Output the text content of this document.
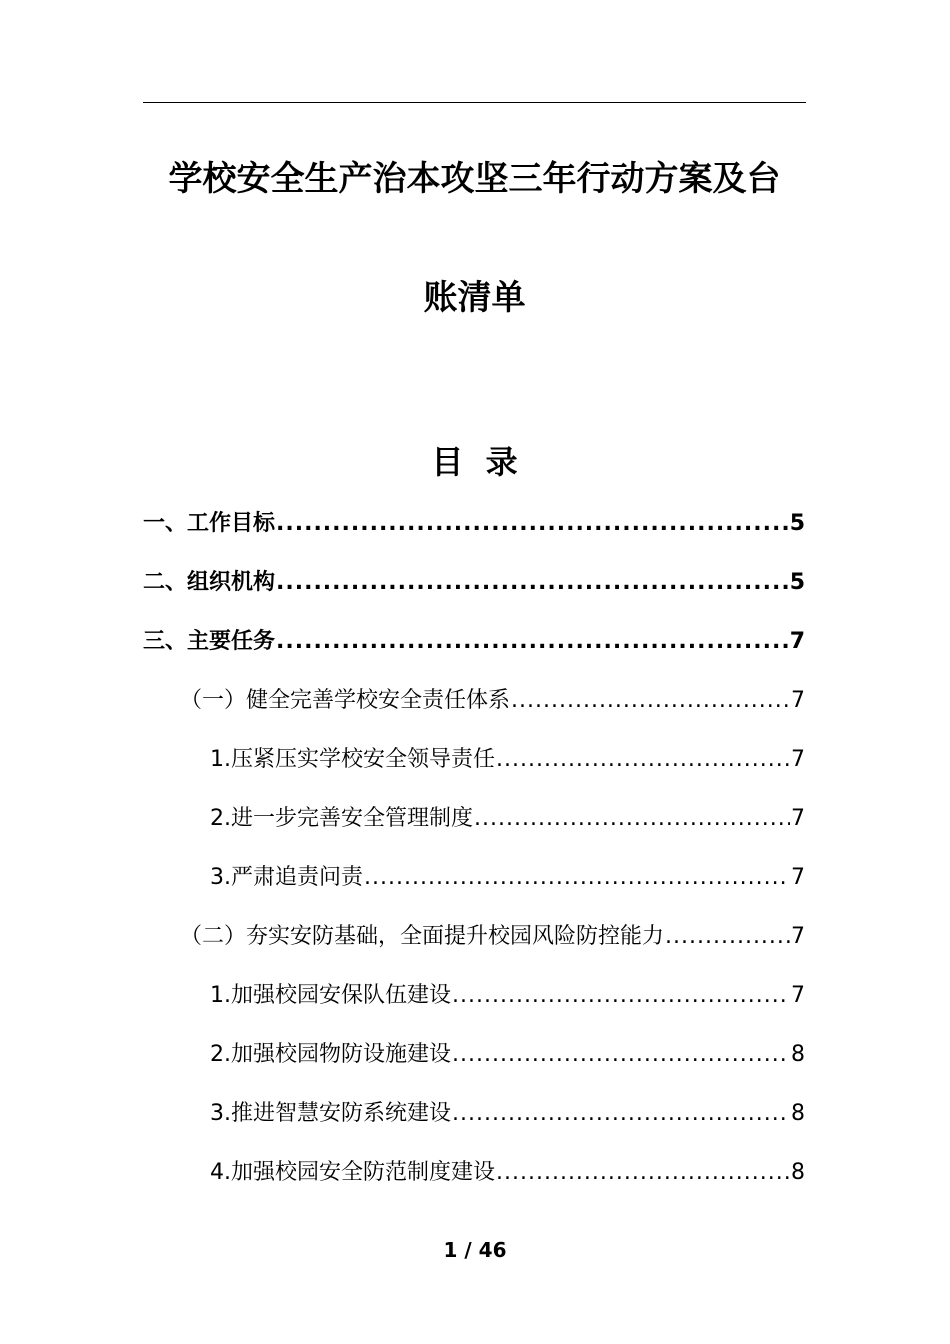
学校安全生产治本攻坚三年行动方案及台
账清单
目  录
一、工作目标 .....	5
二、组织机构 .....	5
三、主要任务 .....	7
（一）健全完善学校安全责任体系 .....	7
1.压紧压实学校安全领导责任 .....	7
2.进一步完善安全管理制度 .....	7
3.严肃追责问责 .....	7
（二）夯实安防基础，全面提升校园风险防控能力 .....	7
1.加强校园安保队伍建设 .....	7
2.加强校园物防设施建设 .....	8
3.推进智慧安防系统建设 .....	8
4.加强校园安全防范制度建设 .....	8
1 / 46
